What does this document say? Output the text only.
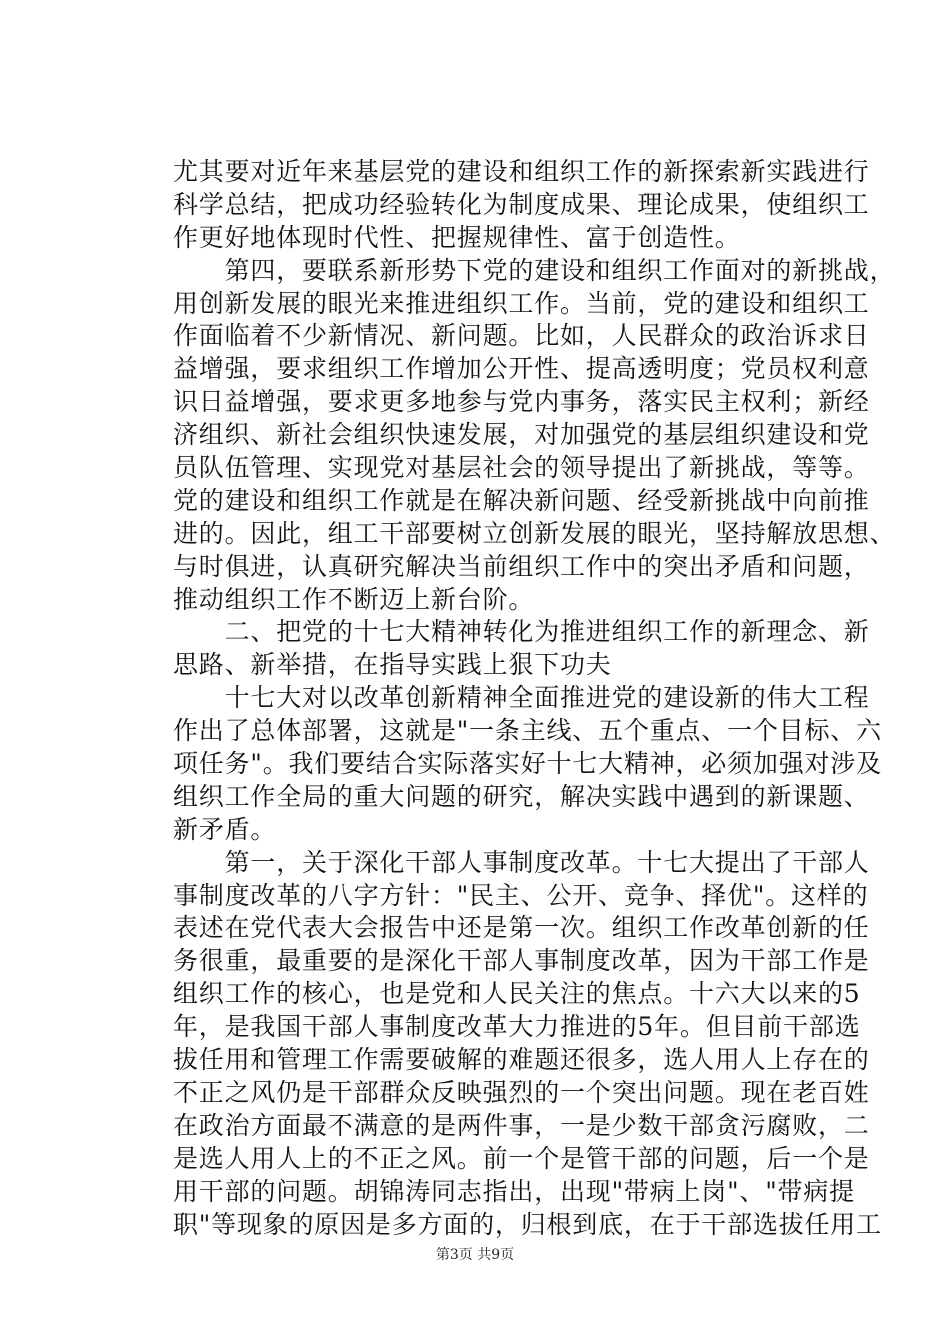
尤其要对近年来基层党的建设和组织工作的新探索新实践进行
科学总结，把成功经验转化为制度成果、理论成果，使组织工
作更好地体现时代性、把握规律性、富于创造性。
　　第四，要联系新形势下党的建设和组织工作面对的新挑战，
用创新发展的眼光来推进组织工作。当前，党的建设和组织工
作面临着不少新情况、新问题。比如，人民群众的政治诉求日
益增强，要求组织工作增加公开性、提高透明度；党员权利意
识日益增强，要求更多地参与党内事务，落实民主权利；新经
济组织、新社会组织快速发展，对加强党的基层组织建设和党
员队伍管理、实现党对基层社会的领导提出了新挑战，等等。
党的建设和组织工作就是在解决新问题、经受新挑战中向前推
进的。因此，组工干部要树立创新发展的眼光，坚持解放思想、
与时俱进，认真研究解决当前组织工作中的突出矛盾和问题，
推动组织工作不断迈上新台阶。
　　二、把党的十七大精神转化为推进组织工作的新理念、新
思路、新举措，在指导实践上狠下功夫
　　十七大对以改革创新精神全面推进党的建设新的伟大工程
作出了总体部署，这就是"一条主线、五个重点、一个目标、六
项任务"。我们要结合实际落实好十七大精神，必须加强对涉及
组织工作全局的重大问题的研究，解决实践中遇到的新课题、
新矛盾。
　　第一，关于深化干部人事制度改革。十七大提出了干部人
事制度改革的八字方针："民主、公开、竞争、择优"。这样的
表述在党代表大会报告中还是第一次。组织工作改革创新的任
务很重，最重要的是深化干部人事制度改革，因为干部工作是
组织工作的核心，也是党和人民关注的焦点。十六大以来的5
年，是我国干部人事制度改革大力推进的5年。但目前干部选
拔任用和管理工作需要破解的难题还很多，选人用人上存在的
不正之风仍是干部群众反映强烈的一个突出问题。现在老百姓
在政治方面最不满意的是两件事，一是少数干部贪污腐败，二
是选人用人上的不正之风。前一个是管干部的问题，后一个是
用干部的问题。胡锦涛同志指出，出现"带病上岗"、"带病提
职"等现象的原因是多方面的，归根到底，在于干部选拔任用工
第3页 共9页
